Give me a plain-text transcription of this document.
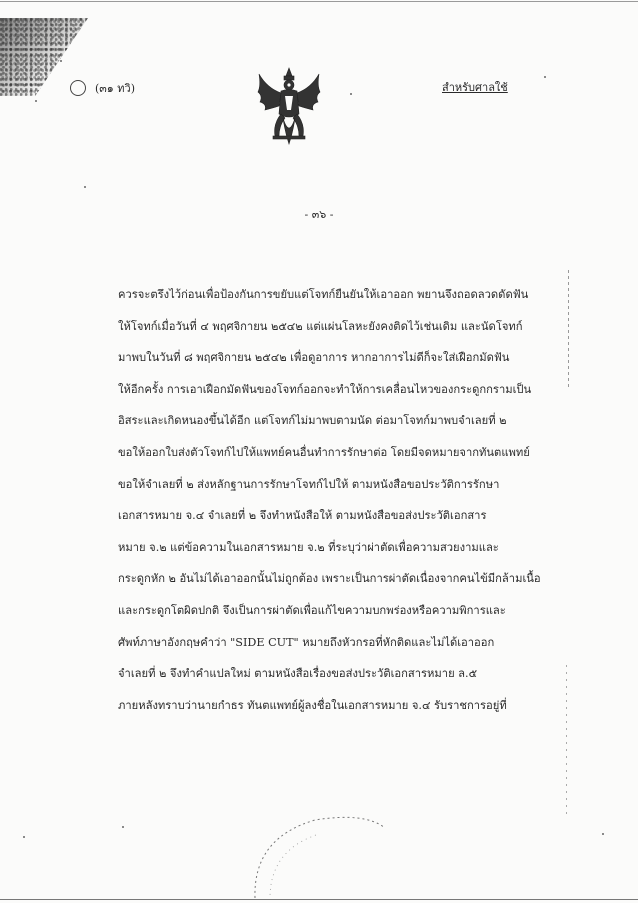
(๓๑ ทวิ)	สำหรับศาลใช้
- ๓๖ -
ควรจะตรึงไว้ก่อนเพื่อป้องกันการขยับแต่โจทก์ยืนยันให้เอาออก พยานจึงถอดลวดดัดฟัน
ให้โจทก์เมื่อวันที่ ๔ พฤศจิกายน ๒๕๔๒ แต่แผ่นโลหะยังคงติดไว้เช่นเดิม และนัดโจทก์
มาพบในวันที่ ๘ พฤศจิกายน ๒๕๔๒ เพื่อดูอาการ หากอาการไม่ดีก็จะใส่เฝือกมัดฟัน
ให้อีกครั้ง การเอาเฝือกมัดฟันของโจทก์ออกจะทำให้การเคลื่อนไหวของกระดูกกรามเป็น
อิสระและเกิดหนองขึ้นได้อีก แต่โจทก์ไม่มาพบตามนัด ต่อมาโจทก์มาพบจำเลยที่ ๒
ขอให้ออกใบส่งตัวโจทก์ไปให้แพทย์คนอื่นทำการรักษาต่อ โดยมีจดหมายจากทันตแพทย์
ขอให้จำเลยที่ ๒ ส่งหลักฐานการรักษาโจทก์ไปให้ ตามหนังสือขอประวัติการรักษา
เอกสารหมาย จ.๔ จำเลยที่ ๒ จึงทำหนังสือให้ ตามหนังสือขอส่งประวัติเอกสาร
หมาย จ.๒ แต่ข้อความในเอกสารหมาย จ.๒ ที่ระบุว่าผ่าตัดเพื่อความสวยงามและ
กระดูกหัก ๒ อันไม่ได้เอาออกนั้นไม่ถูกต้อง เพราะเป็นการผ่าตัดเนื่องจากคนไข้มีกล้ามเนื้อ
และกระดูกโตผิดปกติ จึงเป็นการผ่าตัดเพื่อแก้ไขความบกพร่องหรือความพิการและ
ศัพท์ภาษาอังกฤษคำว่า "SIDE CUT" หมายถึงหัวกรอที่หักติดและไม่ได้เอาออก
จำเลยที่ ๒ จึงทำคำแปลใหม่ ตามหนังสือเรื่องขอส่งประวัติเอกสารหมาย ล.๕
ภายหลังทราบว่านายกำธร ทันตแพทย์ผู้ลงชื่อในเอกสารหมาย จ.๔ รับราชการอยู่ที่
